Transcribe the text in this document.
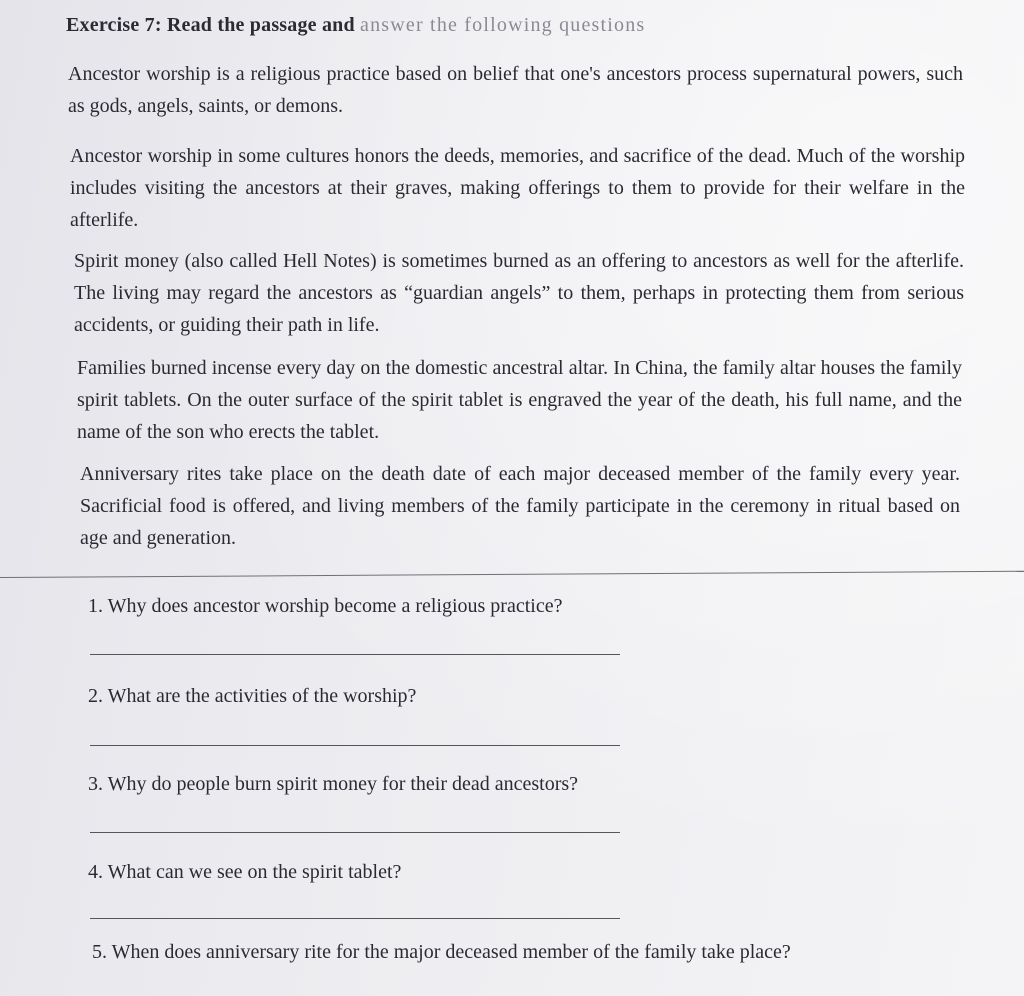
Exercise 7: Read the passage and answer the following questions

Ancestor worship is a religious practice based on belief that one's ancestors process supernatural powers, such as gods, angels, saints, or demons.

Ancestor worship in some cultures honors the deeds, memories, and sacrifice of the dead. Much of the worship includes visiting the ancestors at their graves, making offerings to them to provide for their welfare in the afterlife.

Spirit money (also called Hell Notes) is sometimes burned as an offering to ancestors as well for the afterlife. The living may regard the ancestors as “guardian angels” to them, perhaps in protecting them from serious accidents, or guiding their path in life.

Families burned incense every day on the domestic ancestral altar. In China, the family altar houses the family spirit tablets. On the outer surface of the spirit tablet is engraved the year of the death, his full name, and the name of the son who erects the tablet.

Anniversary rites take place on the death date of each major deceased member of the family every year. Sacrificial food is offered, and living members of the family participate in the ceremony in ritual based on age and generation.

1. Why does ancestor worship become a religious practice?
2. What are the activities of the worship?
3. Why do people burn spirit money for their dead ancestors?
4. What can we see on the spirit tablet?
5. When does anniversary rite for the major deceased member of the family take place?
